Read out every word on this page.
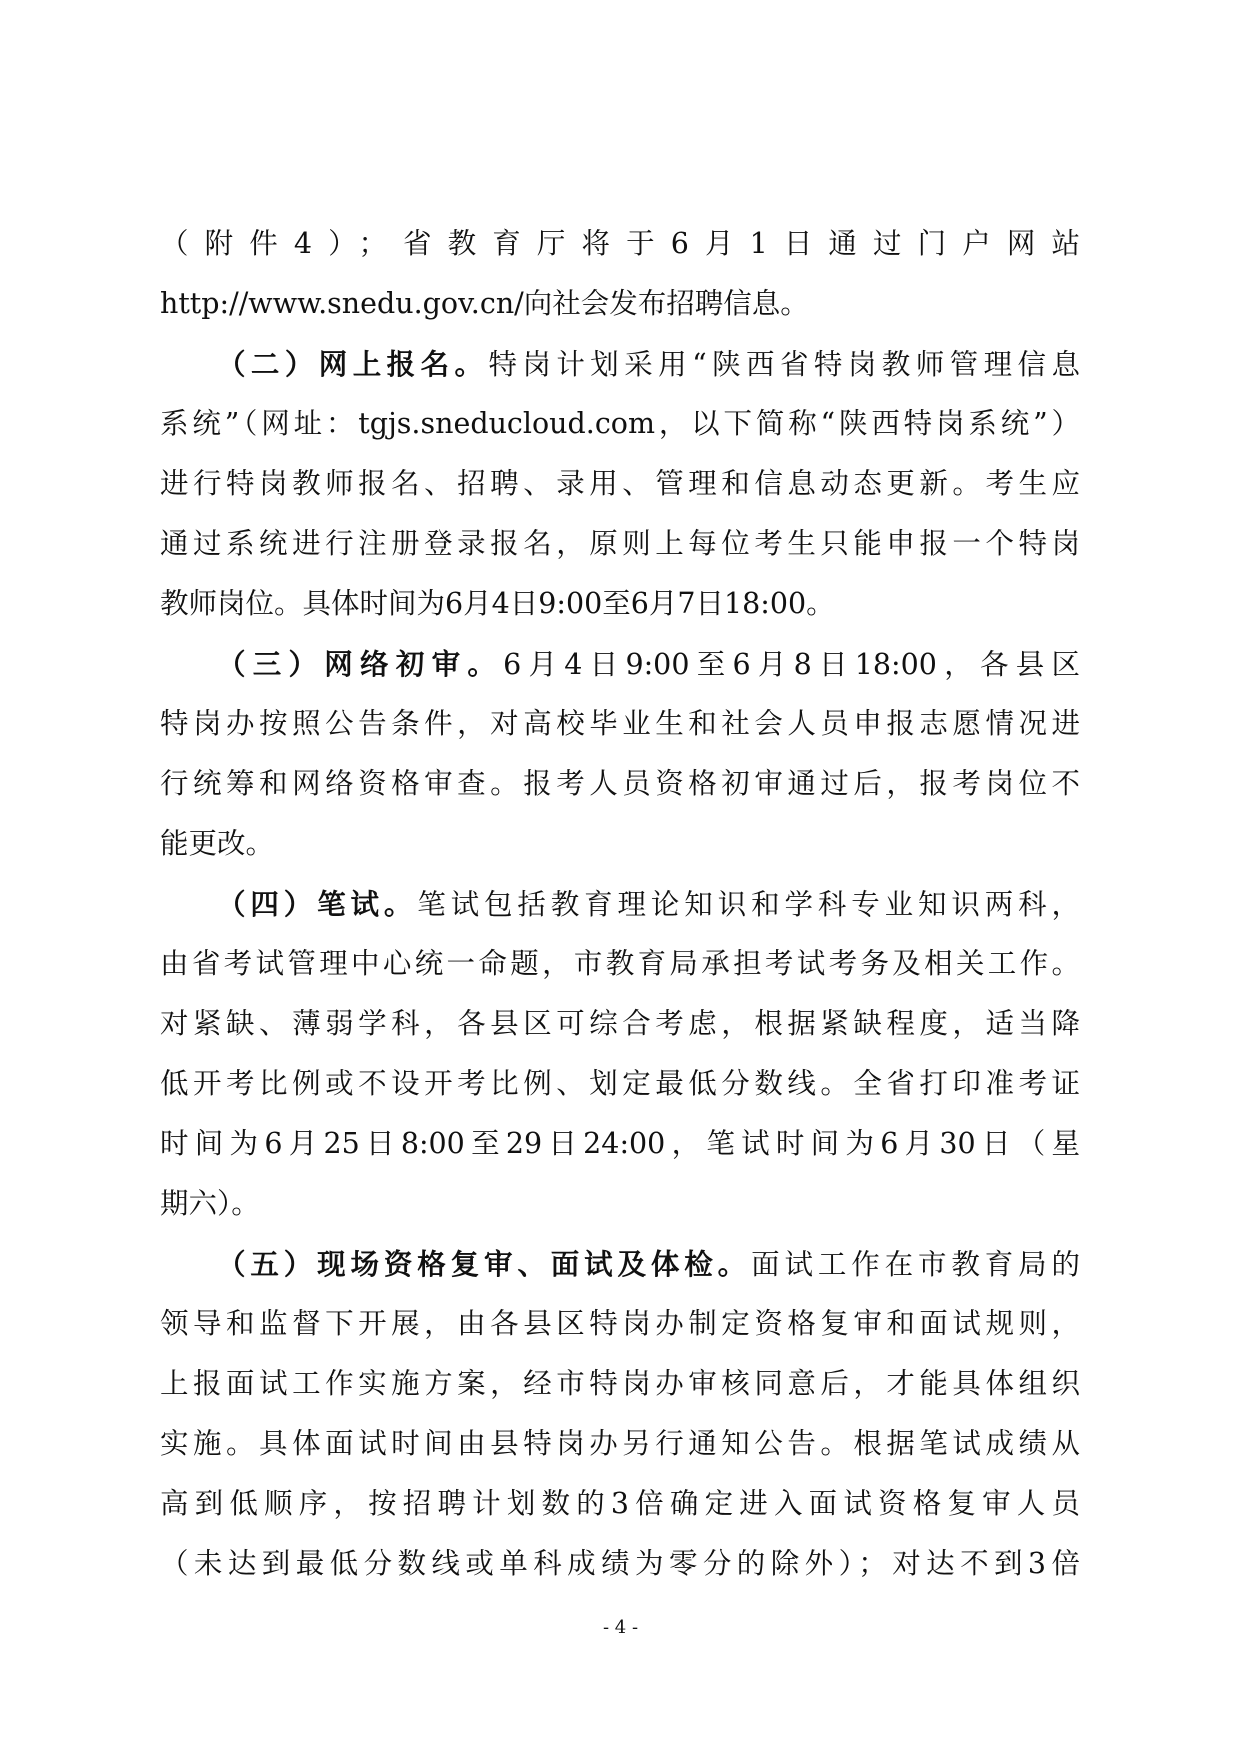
（附件4）；省教育厅将于6月1日通过门户网站
http://www.snedu.gov.cn/向社会发布招聘信息。
（二）网上报名。特岗计划采用“陕西省特岗教师管理信息
系统”（网址：tgjs.sneducloud.com，以下简称“陕西特岗系统”）
进行特岗教师报名、招聘、录用、管理和信息动态更新。考生应
通过系统进行注册登录报名，原则上每位考生只能申报一个特岗
教师岗位。具体时间为6月4日9:00至6月7日18:00。
（三）网络初审。6月4日9:00至6月8日18:00，各县区
特岗办按照公告条件，对高校毕业生和社会人员申报志愿情况进
行统筹和网络资格审查。报考人员资格初审通过后，报考岗位不
能更改。
（四）笔试。笔试包括教育理论知识和学科专业知识两科，
由省考试管理中心统一命题，市教育局承担考试考务及相关工作。
对紧缺、薄弱学科，各县区可综合考虑，根据紧缺程度，适当降
低开考比例或不设开考比例、划定最低分数线。全省打印准考证
时间为6月25日8:00至29日24:00，笔试时间为6月30日（星
期六）。
（五）现场资格复审、面试及体检。面试工作在市教育局的
领导和监督下开展，由各县区特岗办制定资格复审和面试规则，
上报面试工作实施方案，经市特岗办审核同意后，才能具体组织
实施。具体面试时间由县特岗办另行通知公告。根据笔试成绩从
高到低顺序，按招聘计划数的3倍确定进入面试资格复审人员
（未达到最低分数线或单科成绩为零分的除外）；对达不到3倍
- 4 -
